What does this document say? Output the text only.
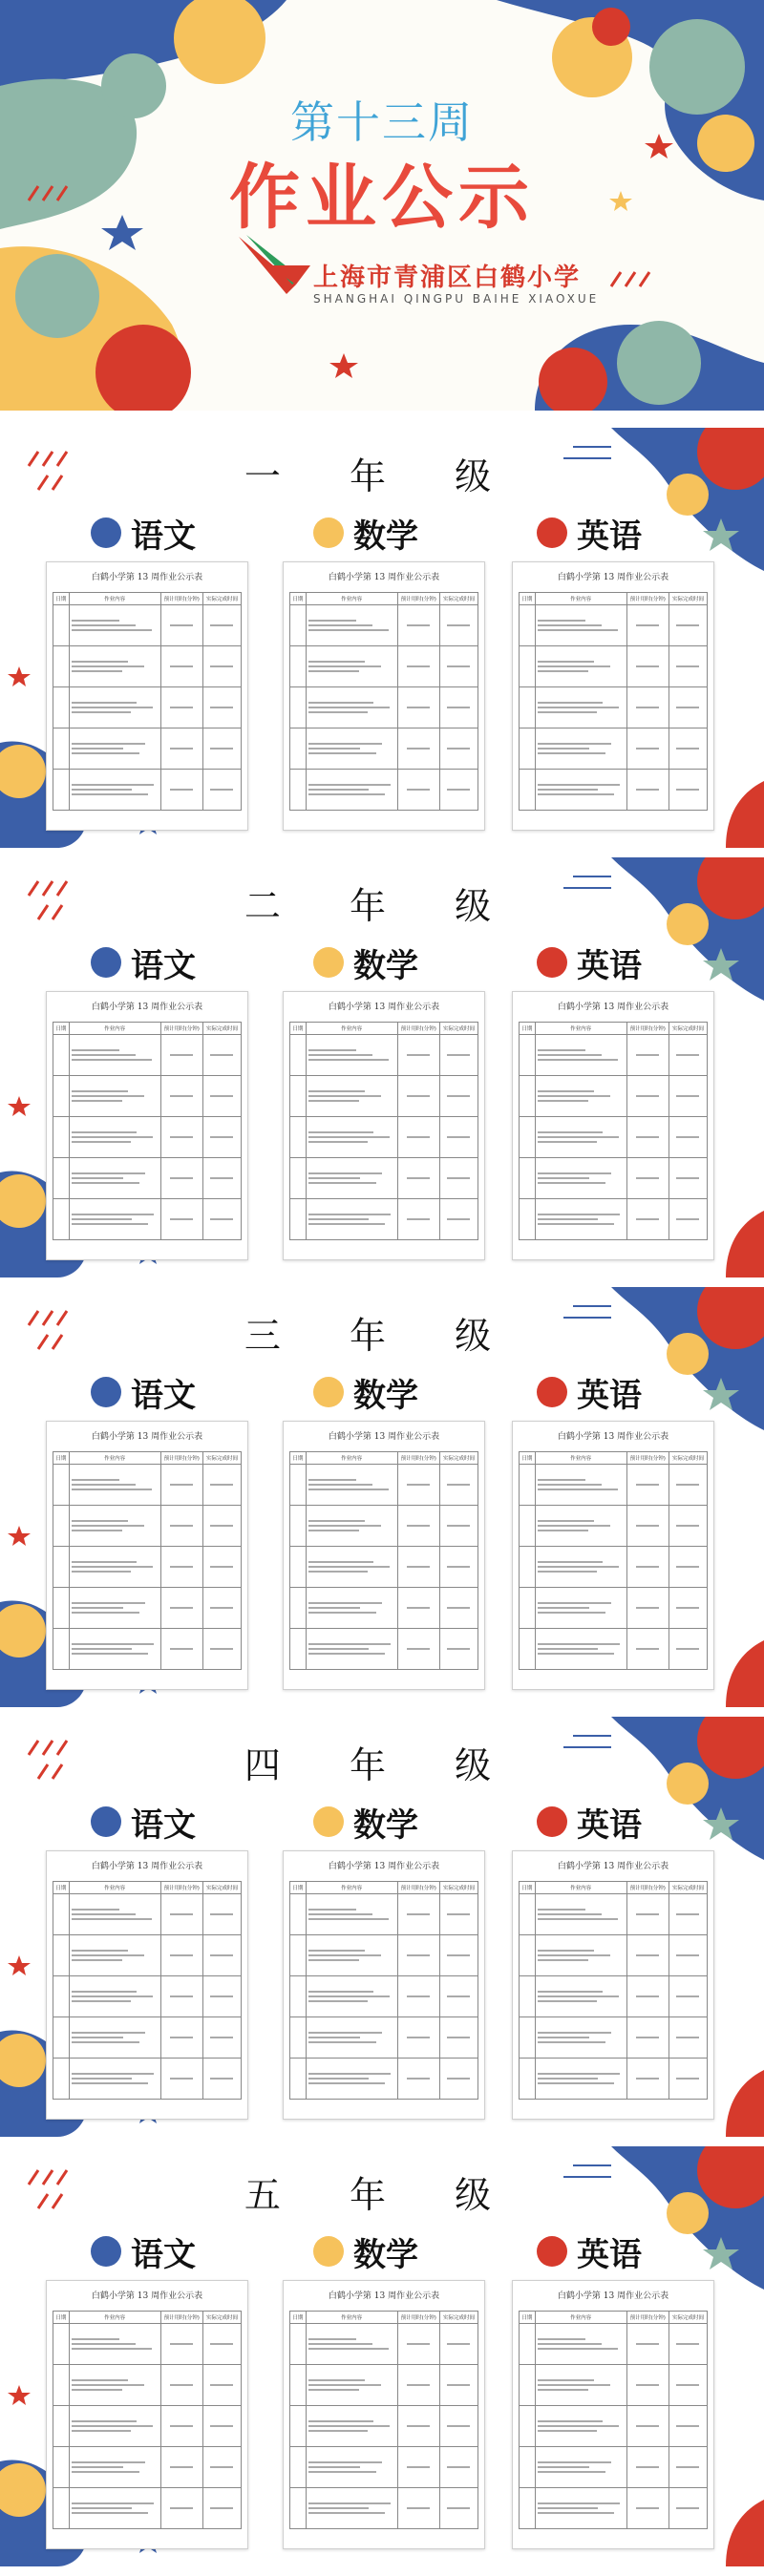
第十三周
作业公示
上海市青浦区白鹤小学
SHANGHAI QINGPU BAIHE XIAOXUE
一 年 级
语文	数学	英语
白鹤小学第 13 周作业公示表
日期	作业内容	预计用时(分钟)	实际完成时间

白鹤小学第 13 周作业公示表
日期	作业内容	预计用时(分钟)	实际完成时间

白鹤小学第 13 周作业公示表
日期	作业内容	预计用时(分钟)	实际完成时间

二 年 级
语文	数学	英语
白鹤小学第 13 周作业公示表
日期	作业内容	预计用时(分钟)	实际完成时间

白鹤小学第 13 周作业公示表
日期	作业内容	预计用时(分钟)	实际完成时间

白鹤小学第 13 周作业公示表
日期	作业内容	预计用时(分钟)	实际完成时间

三 年 级
语文	数学	英语
白鹤小学第 13 周作业公示表
日期	作业内容	预计用时(分钟)	实际完成时间

白鹤小学第 13 周作业公示表
日期	作业内容	预计用时(分钟)	实际完成时间

白鹤小学第 13 周作业公示表
日期	作业内容	预计用时(分钟)	实际完成时间

四 年 级
语文	数学	英语
白鹤小学第 13 周作业公示表
日期	作业内容	预计用时(分钟)	实际完成时间

白鹤小学第 13 周作业公示表
日期	作业内容	预计用时(分钟)	实际完成时间

白鹤小学第 13 周作业公示表
日期	作业内容	预计用时(分钟)	实际完成时间

五 年 级
语文	数学	英语
白鹤小学第 13 周作业公示表
日期	作业内容	预计用时(分钟)	实际完成时间

白鹤小学第 13 周作业公示表
日期	作业内容	预计用时(分钟)	实际完成时间

白鹤小学第 13 周作业公示表
日期	作业内容	预计用时(分钟)	实际完成时间
